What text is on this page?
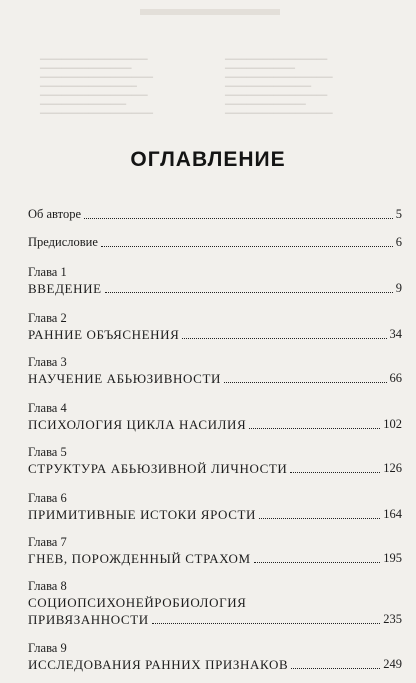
▁▁▁▁▁▁▁▁▁▁▁▁▁▁▁▁▁▁▁▁
▁▁▁▁▁▁▁▁▁▁▁▁▁▁▁▁▁
▁▁▁▁▁▁▁▁▁▁▁▁▁▁▁▁▁▁▁▁▁
▁▁▁▁▁▁▁▁▁▁▁▁▁▁▁▁▁▁
▁▁▁▁▁▁▁▁▁▁▁▁▁▁▁▁▁▁▁▁
▁▁▁▁▁▁▁▁▁▁▁▁▁▁▁▁
▁▁▁▁▁▁▁▁▁▁▁▁▁▁▁▁▁▁▁▁▁
▁▁▁▁▁▁▁▁▁▁▁▁▁▁▁▁▁▁▁
▁▁▁▁▁▁▁▁▁▁▁▁▁
▁▁▁▁▁▁▁▁▁▁▁▁▁▁▁▁▁▁▁▁
▁▁▁▁▁▁▁▁▁▁▁▁▁▁▁▁
▁▁▁▁▁▁▁▁▁▁▁▁▁▁▁▁▁▁▁
▁▁▁▁▁▁▁▁▁▁▁▁▁▁▁
▁▁▁▁▁▁▁▁▁▁▁▁▁▁▁▁▁▁▁▁
ОГЛАВЛЕНИЕ
Об авторе	5
Предисловие	6
Глава 1
ВВЕДЕНИЕ	9
Глава 2
РАННИЕ ОБЪЯСНЕНИЯ	34
Глава 3
НАУЧЕНИЕ АБЬЮЗИВНОСТИ	66
Глава 4
ПСИХОЛОГИЯ ЦИКЛА НАСИЛИЯ	102
Глава 5
СТРУКТУРА АБЬЮЗИВНОЙ ЛИЧНОСТИ	126
Глава 6
ПРИМИТИВНЫЕ ИСТОКИ ЯРОСТИ	164
Глава 7
ГНЕВ, ПОРОЖДЕННЫЙ СТРАХОМ	195
Глава 8
СОЦИОПСИХОНЕЙРОБИОЛОГИЯ
ПРИВЯЗАННОСТИ	235
Глава 9
ИССЛЕДОВАНИЯ РАННИХ ПРИЗНАКОВ	249
